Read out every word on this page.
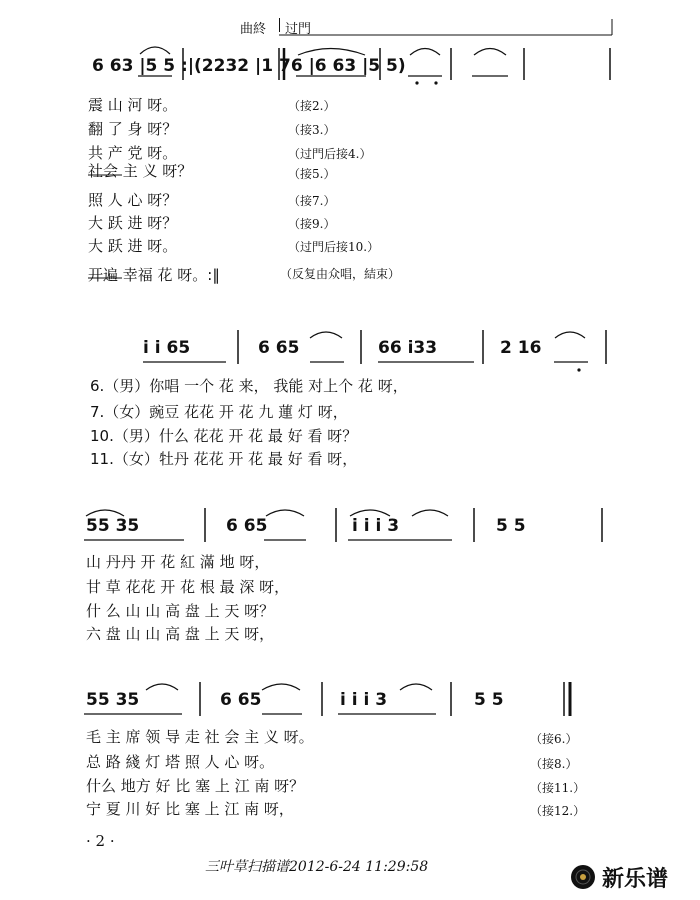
曲終 过門
6 63 |5 5 :|(2232 |1 76 |6 63 |5 5)
震 山 河 呀。	（接2.）
翻 了 身 呀？	（接3.）
共 产 党 呀。	（过門后接4.）
社会 主 义 呀？	（接5.）
照 人 心 呀？	（接7.）
大 跃 进 呀？	（接9.）
大 跃 进 呀。	（过門后接10.）
开遍 幸福 花 呀。:‖	（反复由众唱，結束）
i i 65	6 65	66 i33	2 16
6.（男）你唱 一个 花 来， 我能 对上个 花 呀，
7.（女）豌豆 花花 开 花 九 蓮 灯 呀，
10.（男）什么 花花 开 花 最 好 看 呀？
11.（女）牡丹 花花 开 花 最 好 看 呀，
55 35	6 65	i i i 3	5 5
山 丹丹 开 花 紅 滿 地 呀，
甘 草 花花 开 花 根 最 深 呀，
什 么 山 山 高 盘 上 天 呀？
六 盘 山 山 高 盘 上 天 呀，
55 35	6 65	i i i 3	5 5
毛 主 席 领 导 走 社 会 主 义 呀。	（接6.）
总 路 綫 灯 塔 照 人 心 呀。	（接8.）
什么 地方 好 比 塞 上 江 南 呀？	（接11.）
宁 夏 川 好 比 塞 上 江 南 呀，	（接12.）
· 2 ·
三叶草扫描谱2012-6-24 11:29:58	新乐谱
